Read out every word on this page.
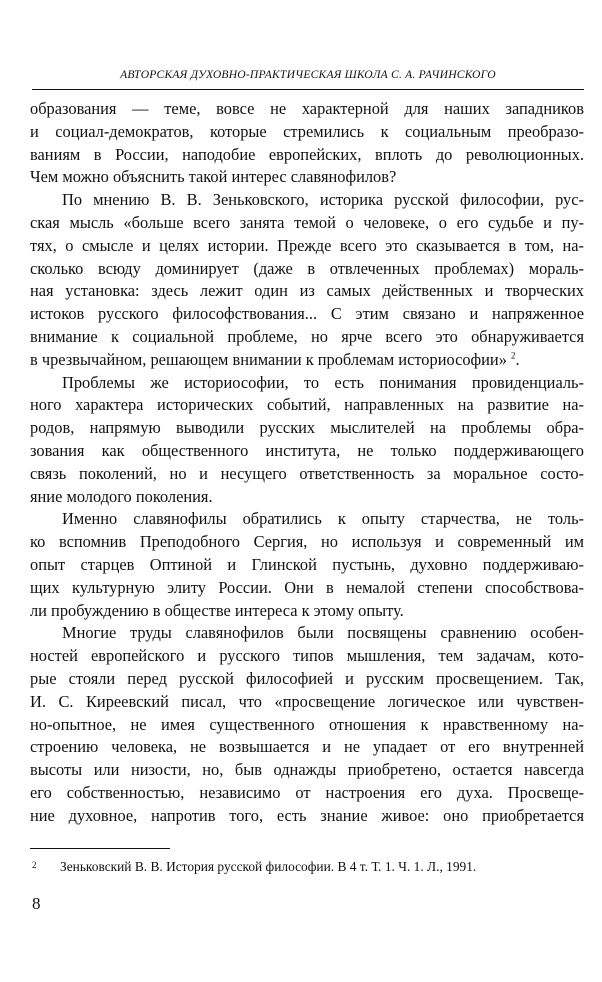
АВТОРСКАЯ ДУХОВНО-ПРАКТИЧЕСКАЯ ШКОЛА С. А. РАЧИНСКОГО
образования — теме, вовсе не характерной для наших западников
и социал-демократов, которые стремились к социальным преобразо-
ваниям в России, наподобие европейских, вплоть до революционных.
Чем можно объяснить такой интерес славянофилов?
По мнению В. В. Зеньковского, историка русской философии, рус-
ская мысль «больше всего занята темой о человеке, о его судьбе и пу-
тях, о смысле и целях истории. Прежде всего это сказывается в том, на-
сколько всюду доминирует (даже в отвлеченных проблемах) мораль-
ная установка: здесь лежит один из самых действенных и творческих
истоков русского философствования... С этим связано и напряженное
внимание к социальной проблеме, но ярче всего это обнаруживается
в чрезвычайном, решающем внимании к проблемам историософии» $^2$.
Проблемы же историософии, то есть понимания провиденциаль-
ного характера исторических событий, направленных на развитие на-
родов, напрямую выводили русских мыслителей на проблемы обра-
зования как общественного института, не только поддерживающего
связь поколений, но и несущего ответственность за моральное состо-
яние молодого поколения.
Именно славянофилы обратились к опыту старчества, не толь-
ко вспомнив Преподобного Сергия, но используя и современный им
опыт старцев Оптиной и Глинской пустынь, духовно поддерживаю-
щих культурную элиту России. Они в немалой степени способствова-
ли пробуждению в обществе интереса к этому опыту.
Многие труды славянофилов были посвящены сравнению особен-
ностей европейского и русского типов мышления, тем задачам, кото-
рые стояли перед русской философией и русским просвещением. Так,
И. С. Киреевский писал, что «просвещение логическое или чувствен-
но-опытное, не имея существенного отношения к нравственному на-
строению человека, не возвышается и не упадает от его внутренней
высоты или низости, но, быв однажды приобретено, остается навсегда
его собственностью, независимо от настроения его духа. Просвеще-
ние духовное, напротив того, есть знание живое: оно приобретается
2 Зеньковский В. В. История русской философии. В 4 т. Т. 1. Ч. 1. Л., 1991.
8
